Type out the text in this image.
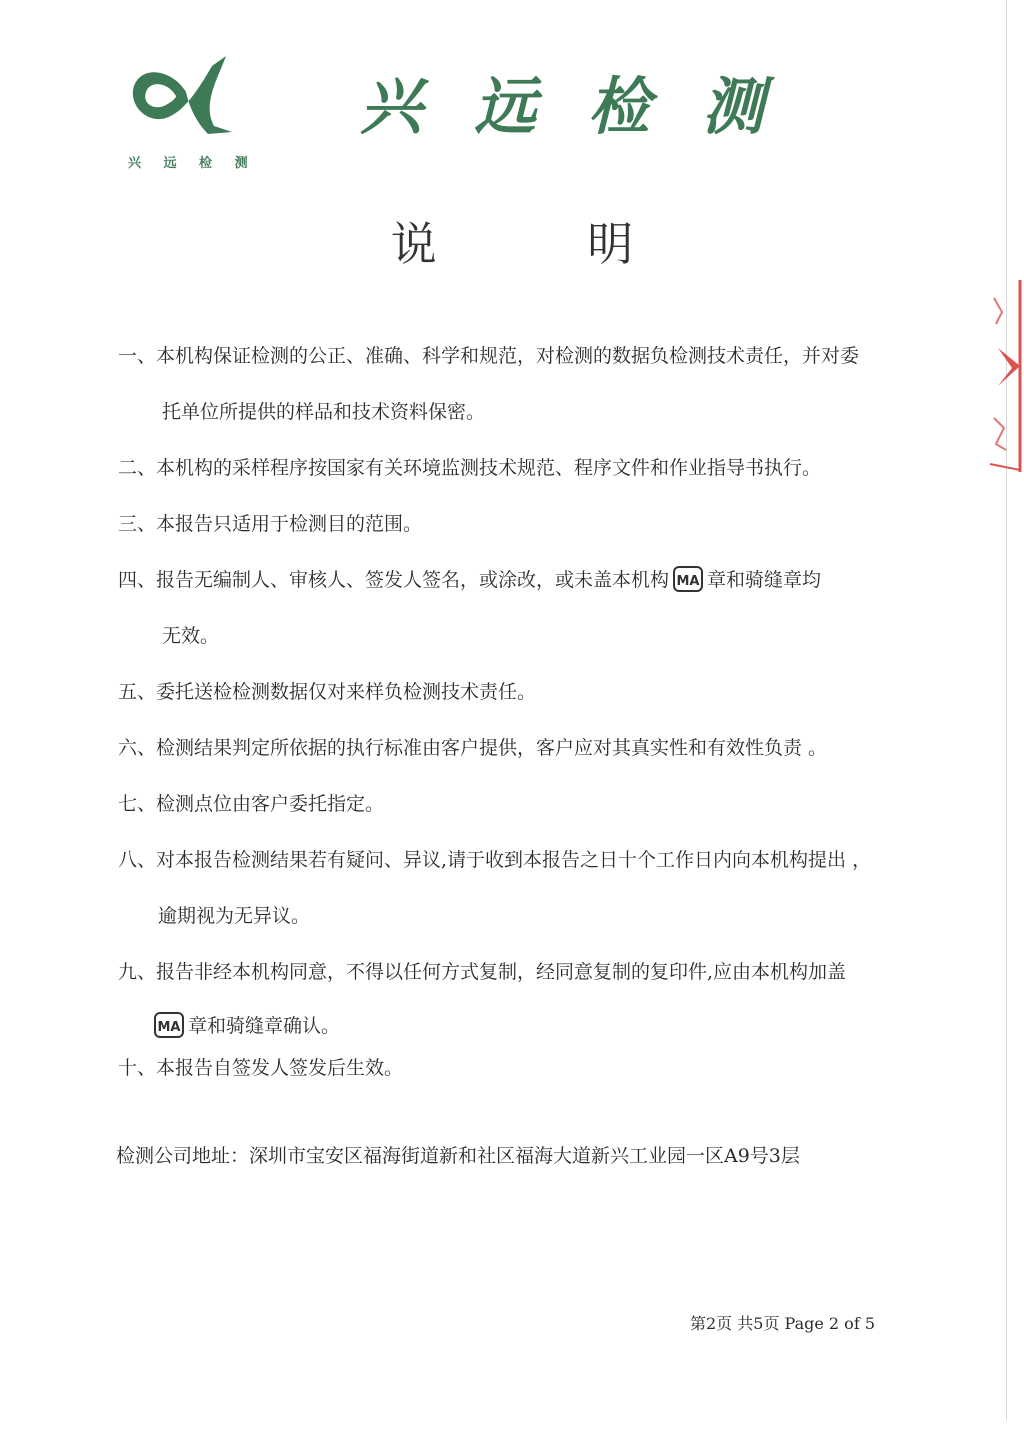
兴 远 检 测
兴远检测
说 明
一、本机构保证检测的公正、准确、科学和规范，对检测的数据负检测技术责任，并对委
托单位所提供的样品和技术资料保密。
二、本机构的采样程序按国家有关环境监测技术规范、程序文件和作业指导书执行。
三、本报告只适用于检测目的范围。
四、报告无编制人、审核人、签发人签名，或涂改，或未盖本机构 MA 章和骑缝章均
无效。
五、委托送检检测数据仅对来样负检测技术责任。
六、检测结果判定所依据的执行标准由客户提供，客户应对其真实性和有效性负责 。
七、检测点位由客户委托指定。
八、对本报告检测结果若有疑问、异议,请于收到本报告之日十个工作日内向本机构提出 ，
逾期视为无异议。
九、报告非经本机构同意，不得以任何方式复制，经同意复制的复印件,应由本机构加盖
MA 章和骑缝章确认。
十、本报告自签发人签发后生效。
检测公司地址：深圳市宝安区福海街道新和社区福海大道新兴工业园一区A9号3层
第2页 共5页 Page 2 of 5
